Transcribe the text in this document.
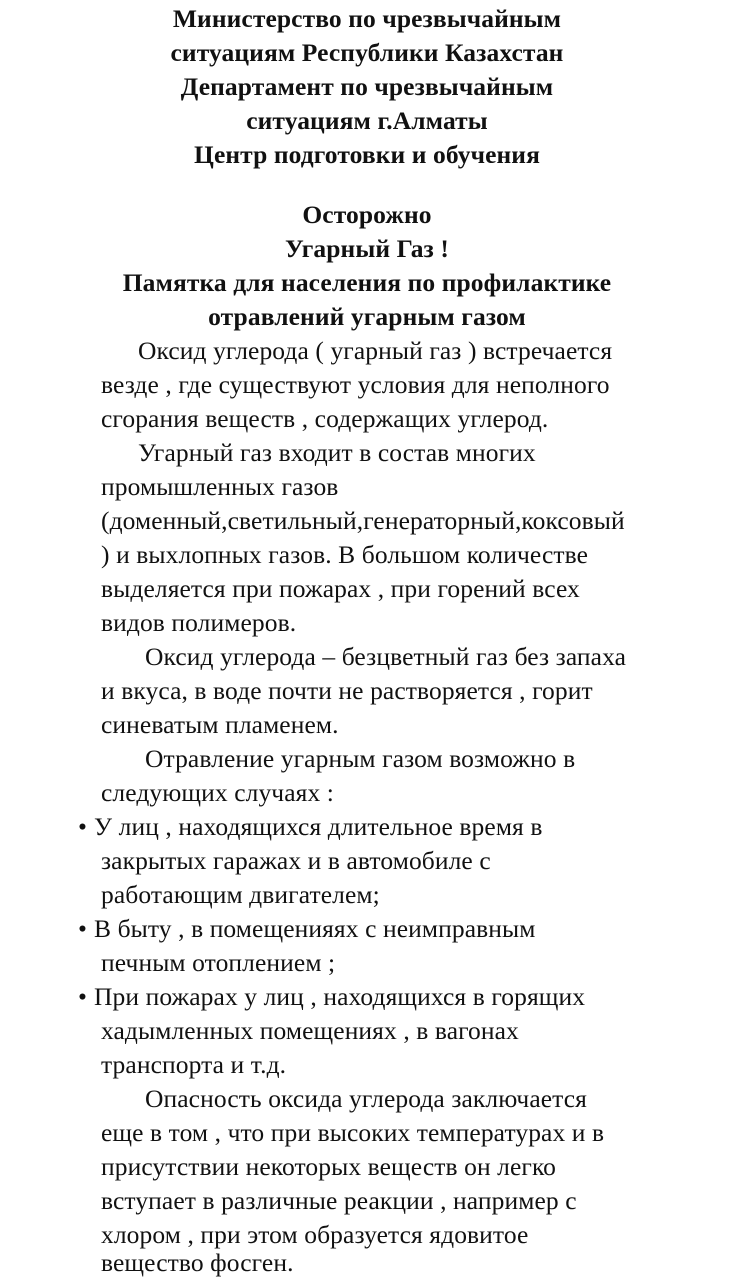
Министерство по чрезвычайным
ситуациям Республики Казахстан
Департамент по чрезвычайным
ситуациям г.Алматы
Центр подготовки и обучения
Осторожно
Угарный Газ !
Памятка для населения по профилактике
отравлений угарным газом
Оксид углерода ( угарный газ ) встречается
везде , где существуют условия для неполного
сгорания веществ , содержащих углерод.
Угарный газ входит в состав многих
промышленных газов
(доменный,светильный,генераторный,коксовый
) и выхлопных газов. В большом количестве
выделяется при пожарах , при горений всех
видов полимеров.
Оксид углерода – безцветный газ без запаха
и вкуса, в воде почти не растворяется , горит
синеватым пламенем.
Отравление угарным газом возможно в
следующих случаях :
• У лиц , находящихся длительное время в
закрытых гаражах и в автомобиле с
работающим двигателем;
• В быту , в помещенияях с неимправным
печным отоплением ;
• При пожарах у лиц , находящихся в горящих
хадымленных помещениях , в вагонах
транспорта и т.д.
Опасность оксида углерода заключается
еще в том , что при высоких температурах и в
присутствии некоторых веществ он легко
вступает в различные реакции , например с
хлором , при этом образуется ядовитое
вещество фосген.
